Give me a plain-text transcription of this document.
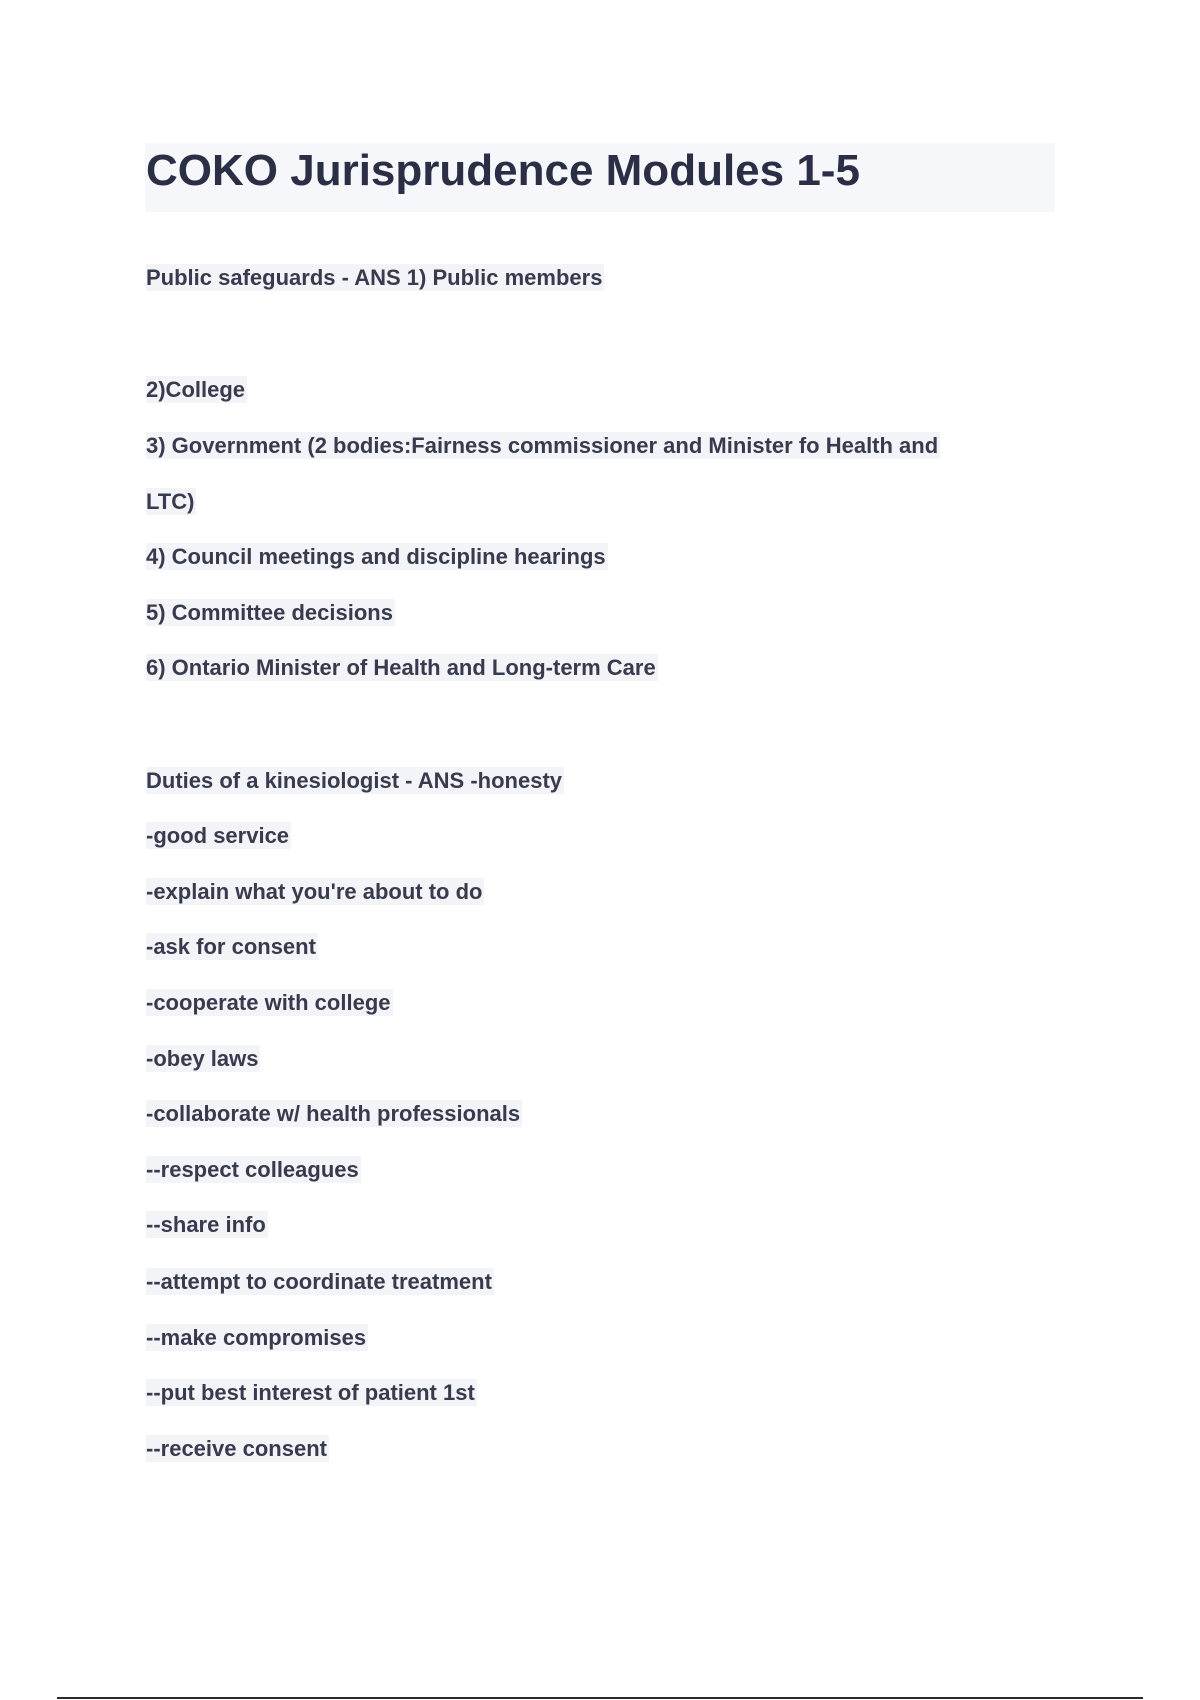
COKO Jurisprudence Modules 1-5

Public safeguards - ANS 1) Public members

2)College

3) Government (2 bodies:Fairness commissioner and Minister fo Health and

LTC)

4) Council meetings and discipline hearings

5) Committee decisions

6) Ontario Minister of Health and Long-term Care

Duties of a kinesiologist - ANS -honesty

-good service

-explain what you're about to do

-ask for consent

-cooperate with college

-obey laws

-collaborate w/ health professionals

--respect colleagues

--share info

--attempt to coordinate treatment

--make compromises

--put best interest of patient 1st

--receive consent
